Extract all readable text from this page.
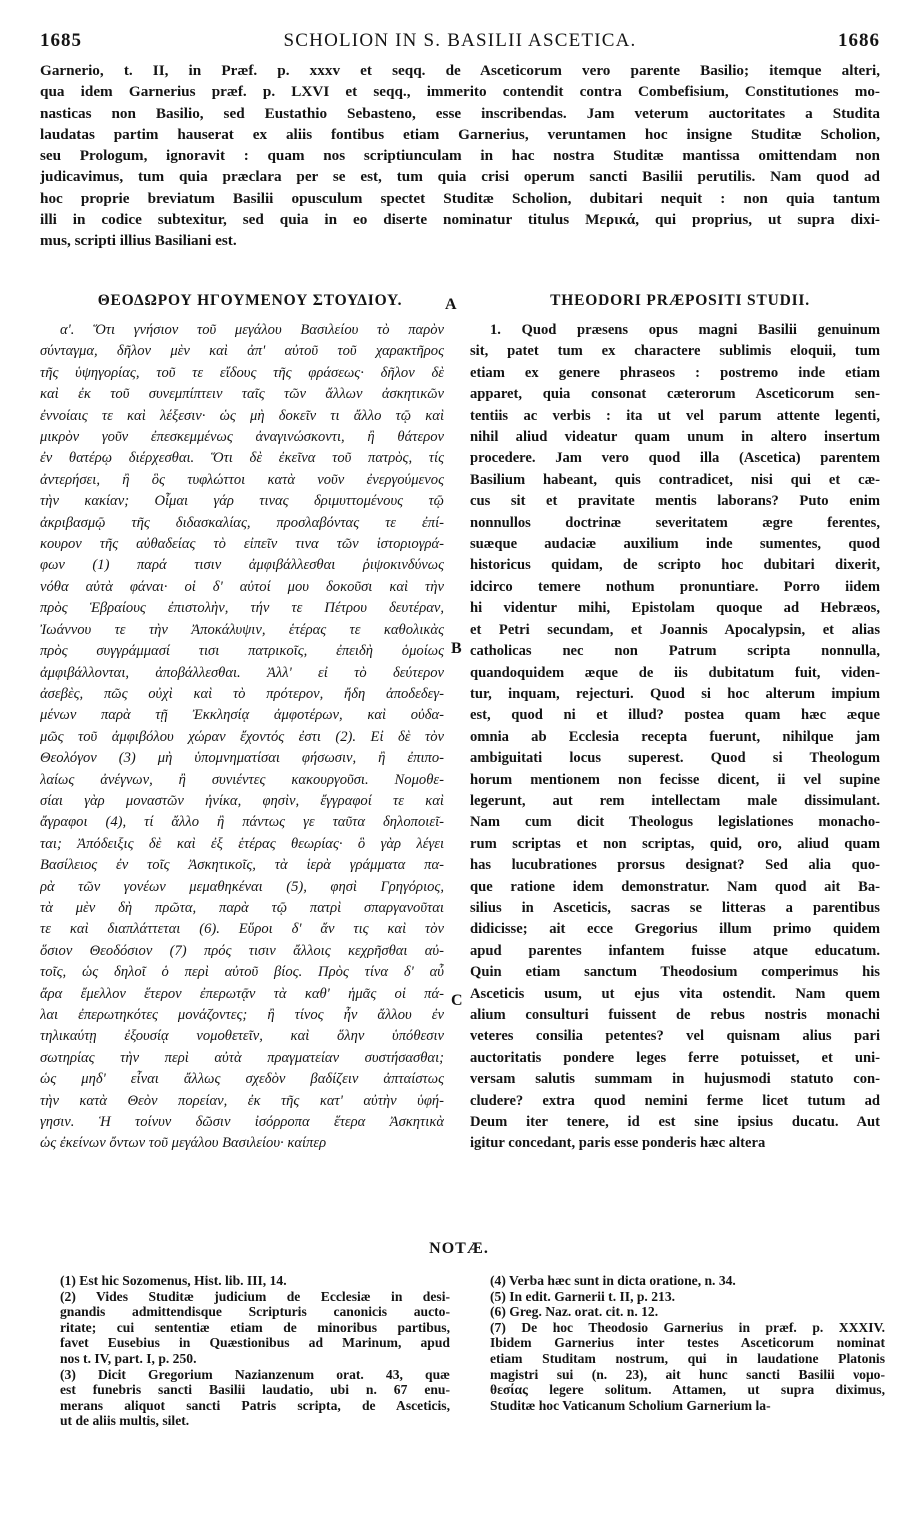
1685	SCHOLION IN S. BASILII ASCETICA.	1686
Garnerio, t. II, in Præf. p. xxxv et seqq. de Asceticorum vero parente Basilio; itemque alteri,
qua idem Garnerius præf. p. LXVI et seqq., immerito contendit contra Combefisium, Constitutiones mo-
nasticas non Basilio, sed Eustathio Sebasteno, esse inscribendas. Jam veterum auctoritates a Studita
laudatas partim hauserat ex aliis fontibus etiam Garnerius, veruntamen hoc insigne Studitæ Scholion,
seu Prologum, ignoravit : quam nos scriptiunculam in hac nostra Studitæ mantissa omittendam non
judicavimus, tum quia præclara per se est, tum quia crisi operum sancti Basilii perutilis. Nam quod ad
hoc proprie breviatum Basilii opusculum spectet Studitæ Scholion, dubitari nequit : non quia tantum
illi in codice subtexitur, sed quia in eo diserte nominatur titulus Μερικά, qui proprius, ut supra dixi-
mus, scripti illius Basiliani est.
ΘΕΟΔΩΡΟΥ ΗΓΟΥΜΕΝΟΥ ΣΤΟΥΔΙΟΥ.	A	THEODORI PRÆPOSITI STUDII.
α'. Ὅτι γνήσιον τοῦ μεγάλου Βασιλείου τὸ παρὸν
σύνταγμα, δῆλον μὲν καὶ ἀπ' αὐτοῦ τοῦ χαρακτῆρος
τῆς ὑψηγορίας, τοῦ τε εἴδους τῆς φράσεως· δῆλον δὲ
καὶ ἐκ τοῦ συνεμπίπτειν ταῖς τῶν ἄλλων ἀσκητικῶν
ἐννοίαις τε καὶ λέξεσιν· ὡς μὴ δοκεῖν τι ἄλλο τῷ καὶ
μικρὸν γοῦν ἐπεσκεμμένως ἀναγινώσκοντι, ἢ θάτερον
ἐν θατέρῳ διέρχεσθαι. Ὅτι δὲ ἐκεῖνα τοῦ πατρὸς, τίς
ἀντερήσει, ἢ ὃς τυφλώττοι κατὰ νοῦν ἐνεργούμενος
τὴν κακίαν; Οἶμαι γάρ τινας δριμυττομένους τῷ
ἀκριβασμῷ τῆς διδασκαλίας, προσλαβόντας τε ἐπί-
κουρον τῆς αὐθαδείας τὸ εἰπεῖν τινα τῶν ἱστοριογρά-
φων (1) παρά τισιν ἀμφιβάλλεσθαι ῥιψοκινδύνως
νόθα αὐτὰ φάναι· οἱ δ' αὐτοί μου δοκοῦσι καὶ τὴν
πρὸς Ἑβραίους ἐπιστολὴν, τήν τε Πέτρου δευτέραν,
Ἰωάννου τε τὴν Ἀποκάλυψιν, ἑτέρας τε καθολικὰς
πρὸς συγγράμμασί τισι πατρικοῖς, ἐπειδὴ ὁμοίως
ἀμφιβάλλονται, ἀποβάλλεσθαι. Ἀλλ' εἰ τὸ δεύτερον
ἀσεβὲς, πῶς οὐχὶ καὶ τὸ πρότερον, ἤδη ἀποδεδεγ-
μένων παρὰ τῇ Ἐκκλησίᾳ ἀμφοτέρων, καὶ οὐδα-
μῶς τοῦ ἀμφιβόλου χώραν ἔχοντός ἐστι (2). Εἰ δὲ τὸν
Θεολόγον (3) μὴ ὑπομνηματίσαι φήσωσιν, ἢ ἐπιπο-
λαίως ἀνέγνων, ἢ συνιέντες κακουργοῦσι. Νομοθε-
σίαι γὰρ μοναστῶν ἠνίκα, φησὶν, ἔγγραφοί τε καὶ
ἄγραφοι (4), τί ἄλλο ἢ πάντως γε ταῦτα δηλοποιεῖ-
ται; Ἀπόδειξις δὲ καὶ ἐξ ἑτέρας θεωρίας· ὃ γὰρ λέγει
Βασίλειος ἐν τοῖς Ἀσκητικοῖς, τὰ ἱερὰ γράμματα πα-
ρὰ τῶν γονέων μεμαθηκέναι (5), φησὶ Γρηγόριος,
τὰ μὲν δὴ πρῶτα, παρὰ τῷ πατρὶ σπαργανοῦται
τε καὶ διαπλάττεται (6). Εὕροι δ' ἄν τις καὶ τὸν
ὅσιον Θεοδόσιον (7) πρός τισιν ἄλλοις κεχρῆσθαι αὐ-
τοῖς, ὡς δηλοῖ ὁ περὶ αὐτοῦ βίος. Πρὸς τίνα δ' αὖ
ἄρα ἔμελλον ἕτερον ἐπερωτᾷν τὰ καθ' ἡμᾶς οἱ πά-
λαι ἐπερωτηκότες μονάζοντες; ἢ τίνος ἦν ἄλλου ἐν
τηλικαύτῃ ἐξουσίᾳ νομοθετεῖν, καὶ ὅλην ὑπόθεσιν
σωτηρίας τὴν περὶ αὐτὰ πραγματείαν συστήσασθαι;
ὡς μηδ' εἶναι ἄλλως σχεδὸν βαδίζειν ἀπταίστως
τὴν κατὰ Θεὸν πορείαν, ἐκ τῆς κατ' αὐτὴν ὑφή-
γησιν. Ἡ τοίνυν δῶσιν ἰσόρροπα ἕτερα Ἀσκητικὰ
ὡς ἐκείνων ὄντων τοῦ μεγάλου Βασιλείου· καίπερ
B
C
1. Quod præsens opus magni Basilii genuinum
sit, patet tum ex charactere sublimis eloquii, tum
etiam ex genere phraseos : postremo inde etiam
apparet, quia consonat cæterorum Asceticorum sen-
tentiis ac verbis : ita ut vel parum attente legenti,
nihil aliud videatur quam unum in altero insertum
procedere. Jam vero quod illa (Ascetica) parentem
Basilium habeant, quis contradicet, nisi qui et cæ-
cus sit et pravitate mentis laborans? Puto enim
nonnullos doctrinæ severitatem ægre ferentes,
suæque audaciæ auxilium inde sumentes, quod
historicus quidam, de scripto hoc dubitari dixerit,
idcirco temere nothum pronuntiare. Porro iidem
hi videntur mihi, Epistolam quoque ad Hebræos,
et Petri secundam, et Joannis Apocalypsin, et alias
catholicas nec non Patrum scripta nonnulla,
quandoquidem æque de iis dubitatum fuit, viden-
tur, inquam, rejecturi. Quod si hoc alterum impium
est, quod ni et illud? postea quam hæc æque
omnia ab Ecclesia recepta fuerunt, nihilque jam
ambiguitati locus superest. Quod si Theologum
horum mentionem non fecisse dicent, ii vel supine
legerunt, aut rem intellectam male dissimulant.
Nam cum dicit Theologus legislationes monacho-
rum scriptas et non scriptas, quid, oro, aliud quam
has lucubrationes prorsus designat? Sed alia quo-
que ratione idem demonstratur. Nam quod ait Ba-
silius in Asceticis, sacras se litteras a parentibus
didicisse; ait ecce Gregorius illum primo quidem
apud parentes infantem fuisse atque educatum.
Quin etiam sanctum Theodosium comperimus his
Asceticis usum, ut ejus vita ostendit. Nam quem
alium consulturi fuissent de rebus nostris monachi
veteres consilia petentes? vel quisnam alius pari
auctoritatis pondere leges ferre potuisset, et uni-
versam salutis summam in hujusmodi statuto con-
cludere? extra quod nemini ferme licet tutum ad
Deum iter tenere, id est sine ipsius ducatu. Aut
igitur concedant, paris esse ponderis hæc altera
NOTÆ.
(1) Est hic Sozomenus, Hist. lib. III, 14.
(2) Vides Studitæ judicium de Ecclesiæ in desi-
gnandis admittendisque Scripturis canonicis aucto-
ritate; cui sententiæ etiam de minoribus partibus,
favet Eusebius in Quæstionibus ad Marinum, apud
nos t. IV, part. I, p. 250.
(3) Dicit Gregorium Nazianzenum orat. 43, quæ
est funebris sancti Basilii laudatio, ubi n. 67 enu-
merans aliquot sancti Patris scripta, de Asceticis,
ut de aliis multis, silet.
(4) Verba hæc sunt in dicta oratione, n. 34.
(5) In edit. Garnerii t. II, p. 213.
(6) Greg. Naz. orat. cit. n. 12.
(7) De hoc Theodosio Garnerius in præf. p. XXXIV.
Ibidem Garnerius inter testes Asceticorum nominat
etiam Studitam nostrum, qui in laudatione Platonis
magistri sui (n. 23), ait hunc sancti Basilii νομο-
θεσίας legere solitum. Attamen, ut supra diximus,
Studitæ hoc Vaticanum Scholium Garnerium la-
